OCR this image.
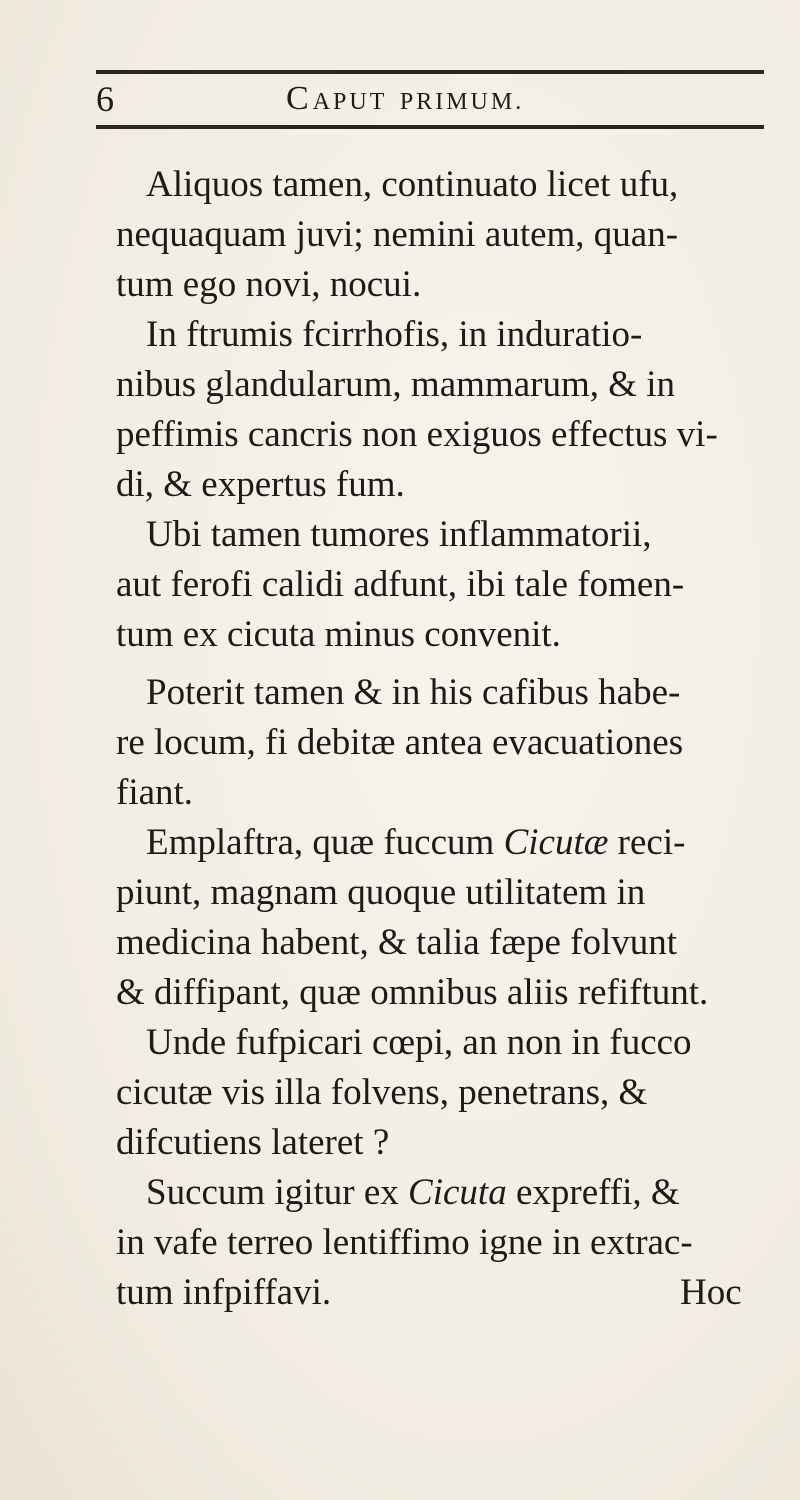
6	CAPUT PRIMUM.
Aliquos tamen, continuato licet ufu,
nequaquam juvi; nemini autem, quan-
tum ego novi, nocui.
In ftrumis fcirrhofis, in induratio-
nibus glandularum, mammarum, & in
peffimis cancris non exiguos effectus vi-
di, & expertus fum.
Ubi tamen tumores inflammatorii,
aut ferofi calidi adfunt, ibi tale fomen-
tum ex cicuta minus convenit.
Poterit tamen & in his cafibus habe-
re locum, fi debitæ antea evacuationes
fiant.
Emplaftra, quæ fuccum Cicutæ reci-
piunt, magnam quoque utilitatem in
medicina habent, & talia fæpe folvunt
& diffipant, quæ omnibus aliis refiftunt.
Unde fufpicari cœpi, an non in fucco
cicutæ vis illa folvens, penetrans, &
difcutiens lateret ?
Succum igitur ex Cicuta expreffi, &
in vafe terreo lentiffimo igne in extrac-
tum infpiffavi.	Hoc
